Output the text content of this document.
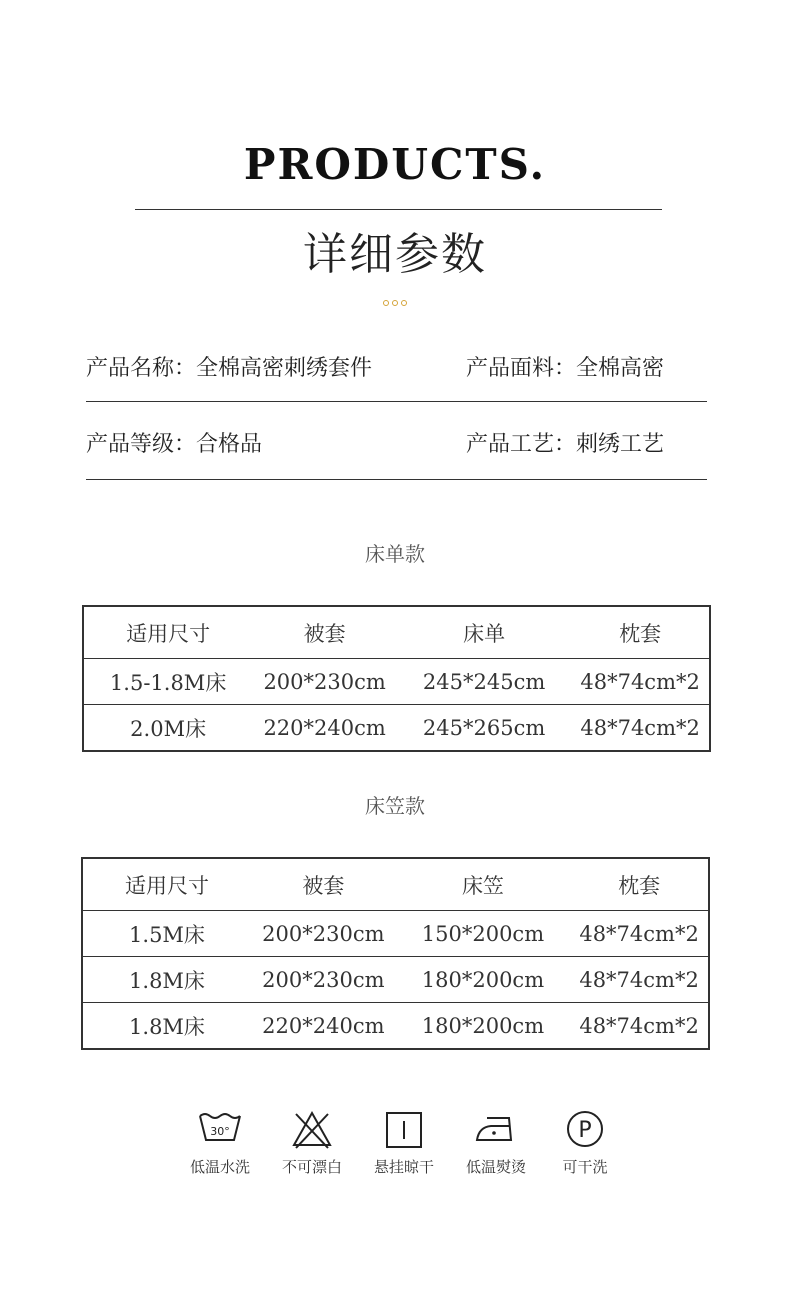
PRODUCTS.
详细参数
产品名称：全棉高密刺绣套件	产品面料：全棉高密
产品等级：合格品	产品工艺：刺绣工艺
床单款
适用尺寸	被套	床单	枕套
1.5-1.8M床	200*230cm	245*245cm	48*74cm*2
2.0M床	220*240cm	245*265cm	48*74cm*2
床笠款
适用尺寸	被套	床笠	枕套
1.5M床	200*230cm	150*200cm	48*74cm*2
1.8M床	200*230cm	180*200cm	48*74cm*2
1.8M床	220*240cm	180*200cm	48*74cm*2
30°
低温水洗	不可漂白	悬挂晾干	低温熨烫
P
可干洗
